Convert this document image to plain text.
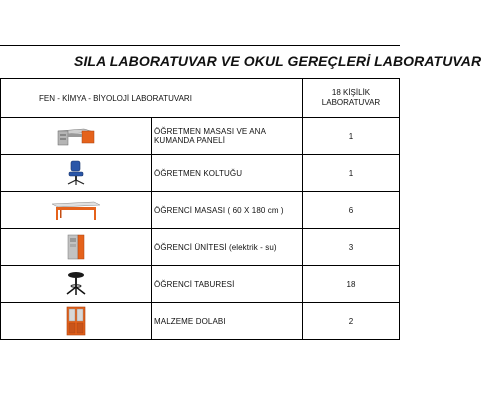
SILA LABORATUVAR VE OKUL GEREÇLERİ LABORATUVAR
FEN - KİMYA - BİYOLOJİ LABORATUVARI		18 KİŞİLİK
LABORATUVAR

	ÖĞRETMEN MASASI VE ANA KUMANDA PANELİ	1

	ÖĞRETMEN KOLTUĞU	1

	ÖĞRENCİ MASASI ( 60 X 180 cm )	6

	ÖĞRENCİ ÜNİTESİ (elektrik - su)	3

	ÖĞRENCİ TABURESİ	18

	MALZEME DOLABI	2
